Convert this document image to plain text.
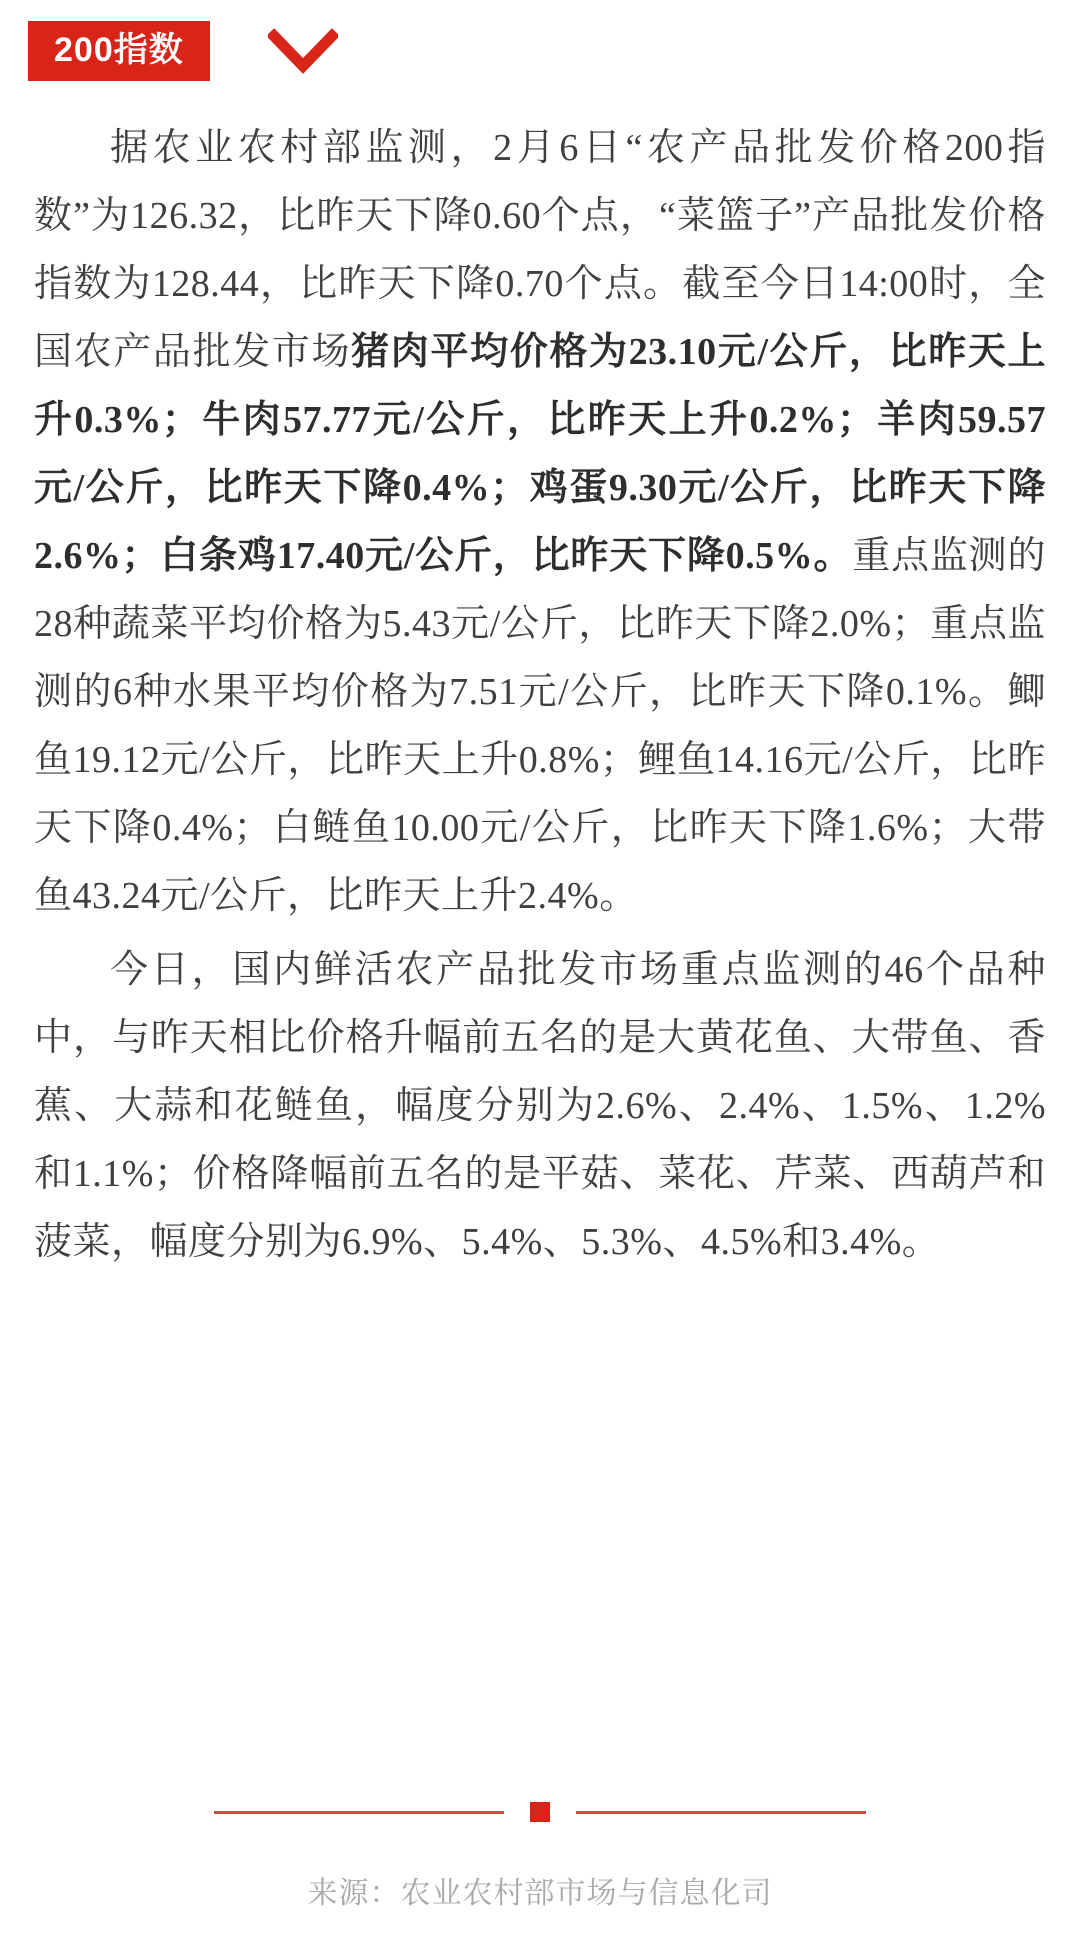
200指数

据农业农村部监测，2月6日“农产品批发价格200指数”为126.32，比昨天下降0.60个点，“菜篮子”产品批发价格指数为128.44，比昨天下降0.70个点。截至今日14:00时，全国农产品批发市场猪肉平均价格为23.10元/公斤，比昨天上升0.3%；牛肉57.77元/公斤，比昨天上升0.2%；羊肉59.57元/公斤，比昨天下降0.4%；鸡蛋9.30元/公斤，比昨天下降2.6%；白条鸡17.40元/公斤，比昨天下降0.5%。重点监测的28种蔬菜平均价格为5.43元/公斤，比昨天下降2.0%；重点监测的6种水果平均价格为7.51元/公斤，比昨天下降0.1%。鲫鱼19.12元/公斤，比昨天上升0.8%；鲤鱼14.16元/公斤，比昨天下降0.4%；白鲢鱼10.00元/公斤，比昨天下降1.6%；大带鱼43.24元/公斤，比昨天上升2.4%。

今日，国内鲜活农产品批发市场重点监测的46个品种中，与昨天相比价格升幅前五名的是大黄花鱼、大带鱼、香蕉、大蒜和花鲢鱼，幅度分别为2.6%、2.4%、1.5%、1.2%和1.1%；价格降幅前五名的是平菇、菜花、芹菜、西葫芦和菠菜，幅度分别为6.9%、5.4%、5.3%、4.5%和3.4%。

来源：农业农村部市场与信息化司
